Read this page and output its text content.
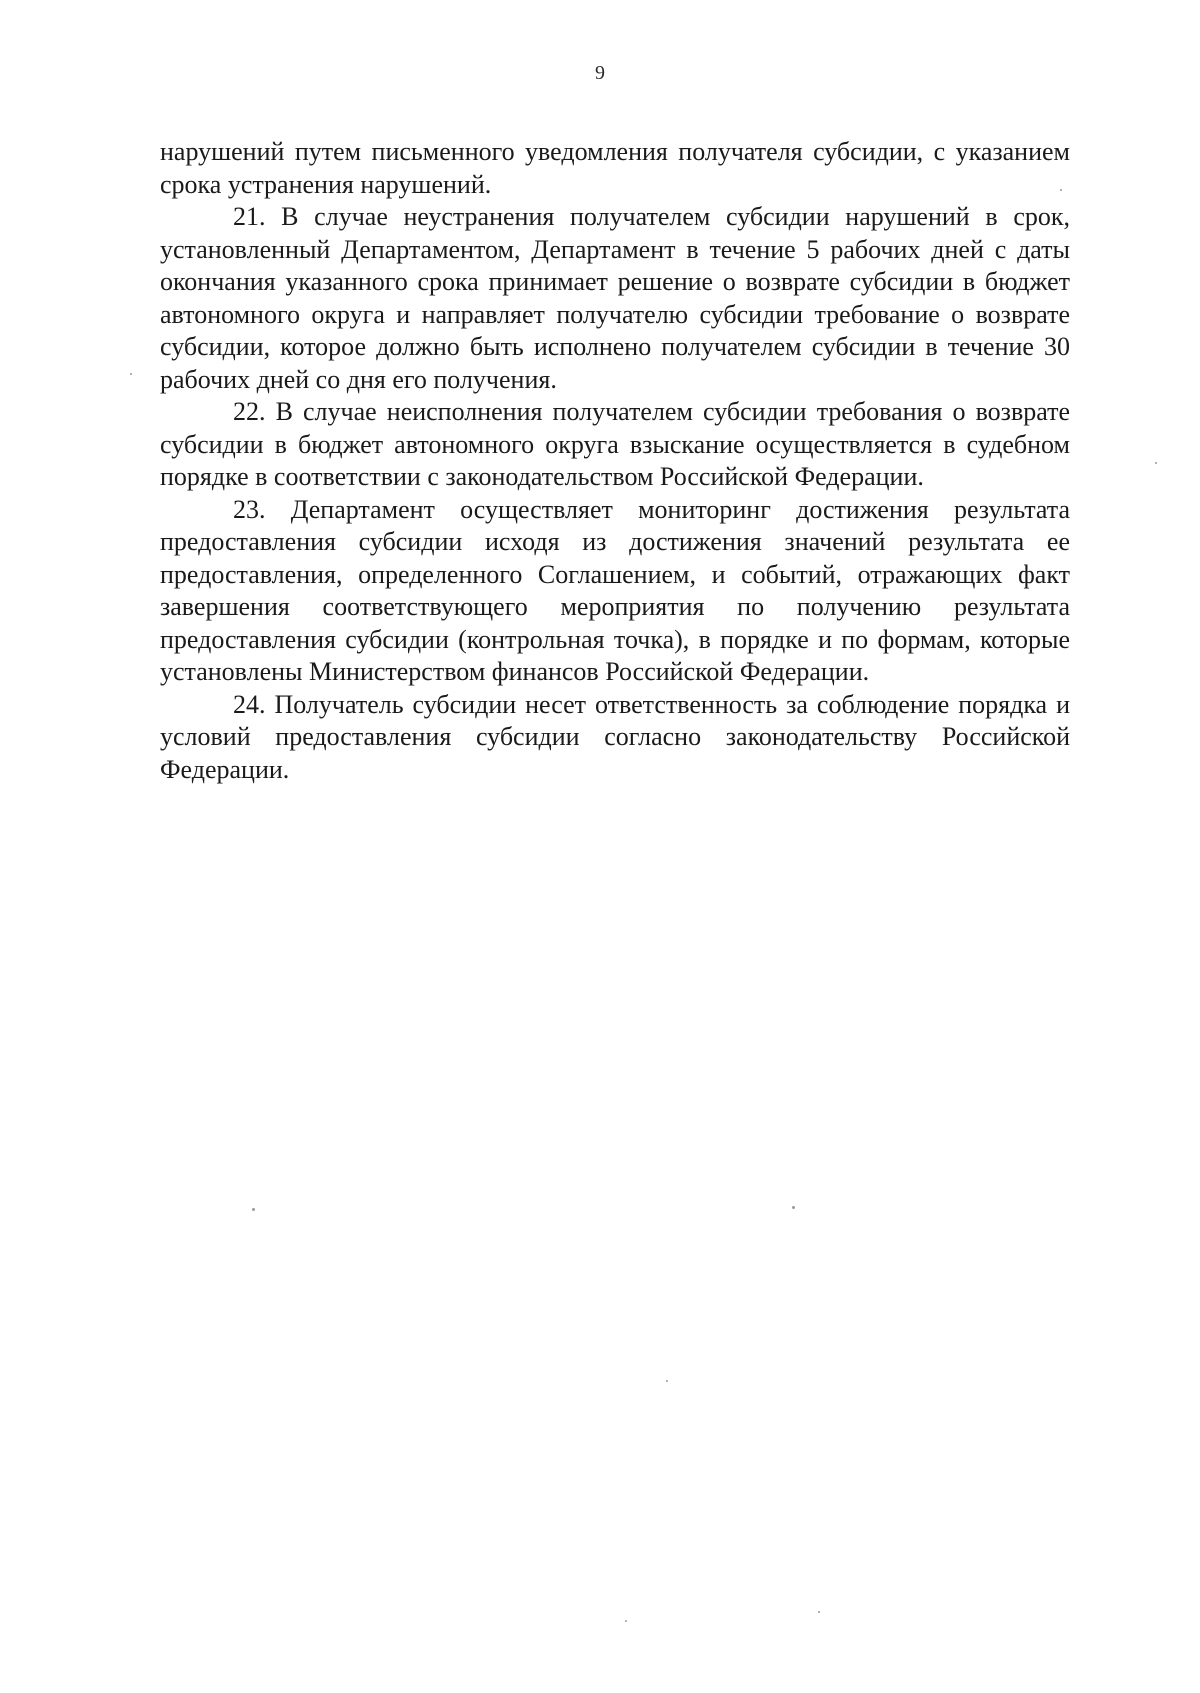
9

нарушений путем письменного уведомления получателя субсидии, с указанием срока устранения нарушений.

21. В случае неустранения получателем субсидии нарушений в срок, установленный Департаментом, Департамент в течение 5 рабочих дней с даты окончания указанного срока принимает решение о возврате субсидии в бюджет автономного округа и направляет получателю субсидии требование о возврате субсидии, которое должно быть исполнено получателем субсидии в течение 30 рабочих дней со дня его получения.

22. В случае неисполнения получателем субсидии требования о возврате субсидии в бюджет автономного округа взыскание осуществляется в судебном порядке в соответствии с законодательством Российской Федерации.

23. Департамент осуществляет мониторинг достижения результата предоставления субсидии исходя из достижения значений результата ее предоставления, определенного Соглашением, и событий, отражающих факт завершения соответствующего мероприятия по получению результата предоставления субсидии (контрольная точка), в порядке и по формам, которые установлены Министерством финансов Российской Федерации.

24. Получатель субсидии несет ответственность за соблюдение порядка и условий предоставления субсидии согласно законодательству Российской Федерации.
